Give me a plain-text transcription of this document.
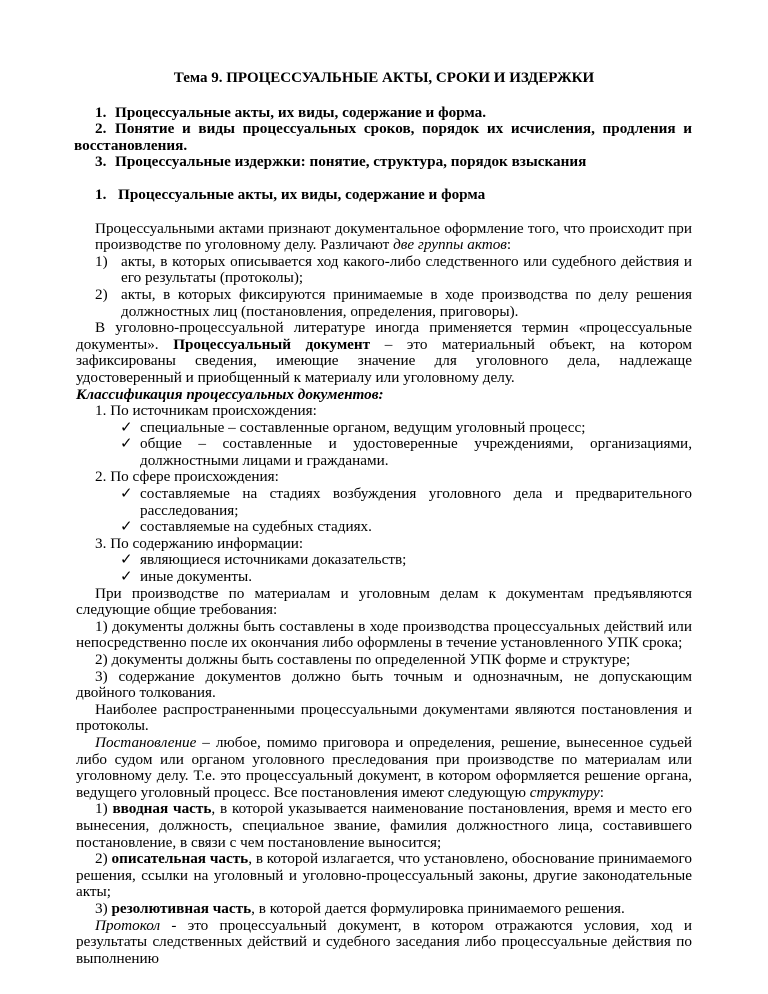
Тема 9. ПРОЦЕССУАЛЬНЫЕ АКТЫ, СРОКИ И ИЗДЕРЖКИ

1. Процессуальные акты, их виды, содержание и форма.

2. Понятие и виды процессуальных сроков, порядок их исчисления, продления и

восстановления.

3. Процессуальные издержки: понятие, структура, порядок взыскания

1. Процессуальные акты, их виды, содержание и форма

Процессуальными актами признают документальное оформление того, что происходит при

производстве по уголовному делу. Различают две группы актов:

1) акты, в которых описывается ход какого-либо следственного или судебного действия и его результаты (протоколы);

2) акты, в которых фиксируются принимаемые в ходе производства по делу решения должностных лиц (постановления, определения, приговоры).

В уголовно-процессуальной литературе иногда применяется термин «процессуальные документы». Процессуальный документ – это материальный объект, на котором зафиксированы сведения, имеющие значение для уголовного дела, надлежаще удостоверенный и приобщенный к материалу или уголовному делу.

Классификация процессуальных документов:

1. По источникам происхождения:

✓ специальные – составленные органом, ведущим уголовный процесс;

✓ общие – составленные и удостоверенные учреждениями, организациями, должностными лицами и гражданами.

2. По сфере происхождения:

✓ составляемые на стадиях возбуждения уголовного дела и предварительного расследования;

✓ составляемые на судебных стадиях.

3. По содержанию информации:

✓ являющиеся источниками доказательств;

✓ иные документы.

При производстве по материалам и уголовным делам к документам предъявляются следующие общие требования:

1) документы должны быть составлены в ходе производства процессуальных действий или непосредственно после их окончания либо оформлены в течение установленного УПК срока;

2) документы должны быть составлены по определенной УПК форме и структуре;

3) содержание документов должно быть точным и однозначным, не допускающим двойного толкования.

Наиболее распространенными процессуальными документами являются постановления и протоколы.

Постановление – любое, помимо приговора и определения, решение, вынесенное судьей либо судом или органом уголовного преследования при производстве по материалам или уголовному делу. Т.е. это процессуальный документ, в котором оформляется решение органа, ведущего уголовный процесс. Все постановления имеют следующую структуру:

1) вводная часть, в которой указывается наименование постановления, время и место его вынесения, должность, специальное звание, фамилия должностного лица, составившего постановление, в связи с чем постановление выносится;

2) описательная часть, в которой излагается, что установлено, обоснование принимаемого решения, ссылки на уголовный и уголовно-процессуальный законы, другие законодательные акты;

3) резолютивная часть, в которой дается формулировка принимаемого решения.

Протокол - это процессуальный документ, в котором отражаются условия, ход и результаты следственных действий и судебного заседания либо процессуальные действия по выполнению
